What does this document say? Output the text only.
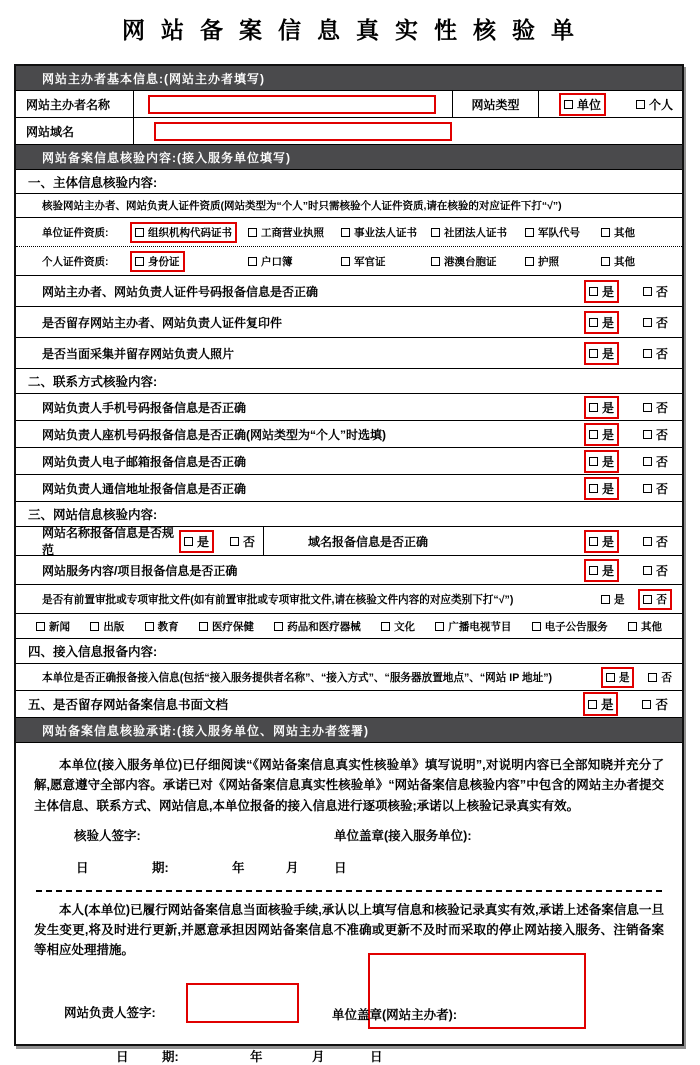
网 站 备 案 信 息 真 实 性 核 验 单
网站主办者基本信息:(网站主办者填写)
网站主办者名称	网站类型	单位	个人
网站域名
网站备案信息核验内容:(接入服务单位填写)
一、主体信息核验内容:
核验网站主办者、网站负责人证件资质(网站类型为“个人”时只需核验个人证件资质,请在核验的对应证件下打“√”)
单位证件资质:	组织机构代码证书	工商营业执照	事业法人证书	社团法人证书	军队代号	其他
个人证件资质:	身份证	户口簿	军官证	港澳台胞证	护照	其他
网站主办者、网站负责人证件号码报备信息是否正确	是	否
是否留存网站主办者、网站负责人证件复印件	是	否
是否当面采集并留存网站负责人照片	是	否
二、联系方式核验内容:
网站负责人手机号码报备信息是否正确	是	否
网站负责人座机号码报备信息是否正确(网站类型为“个人”时选填)	是	否
网站负责人电子邮箱报备信息是否正确	是	否
网站负责人通信地址报备信息是否正确	是	否
三、网站信息核验内容:
网站名称报备信息是否规范
是	否	域名报备信息是否正确	是	否
网站服务内容/项目报备信息是否正确	是	否
是否有前置审批或专项审批文件(如有前置审批或专项审批文件,请在核验文件内容的对应类别下打“√”)	是	否
新闻	出版	教育	医疗保健	药品和医疗器械	文化	广播电视节目	电子公告服务	其他
四、接入信息报备内容:
本单位是否正确报备接入信息(包括“接入服务提供者名称”、“接入方式”、“服务器放置地点”、“网站 IP 地址”)	是	否
五、是否留存网站备案信息书面文档	是	否
网站备案信息核验承诺:(接入服务单位、网站主办者签署)

本单位(接入服务单位)已仔细阅读“《网站备案信息真实性核验单》填写说明”,对说明内容已全部知晓并充分了解,愿意遵守全部内容。承诺已对《网站备案信息真实性核验单》“网站备案信息核验内容”中包含的网站主办者提交主体信息、联系方式、网站信息,本单位报备的接入信息进行逐项核验;承诺以上核验记录真实有效。

核验人签字:	单位盖章(接入服务单位):
日	期:	年	月	日

本人(本单位)已履行网站备案信息当面核验手续,承认以上填写信息和核验记录真实有效,承诺上述备案信息一旦发生变更,将及时进行更新,并愿意承担因网站备案信息不准确或更新不及时而采取的停止网站接入服务、注销备案等相应处理措施。

网站负责人签字:	单位盖章(网站主办者):
日	期:	年	月	日
